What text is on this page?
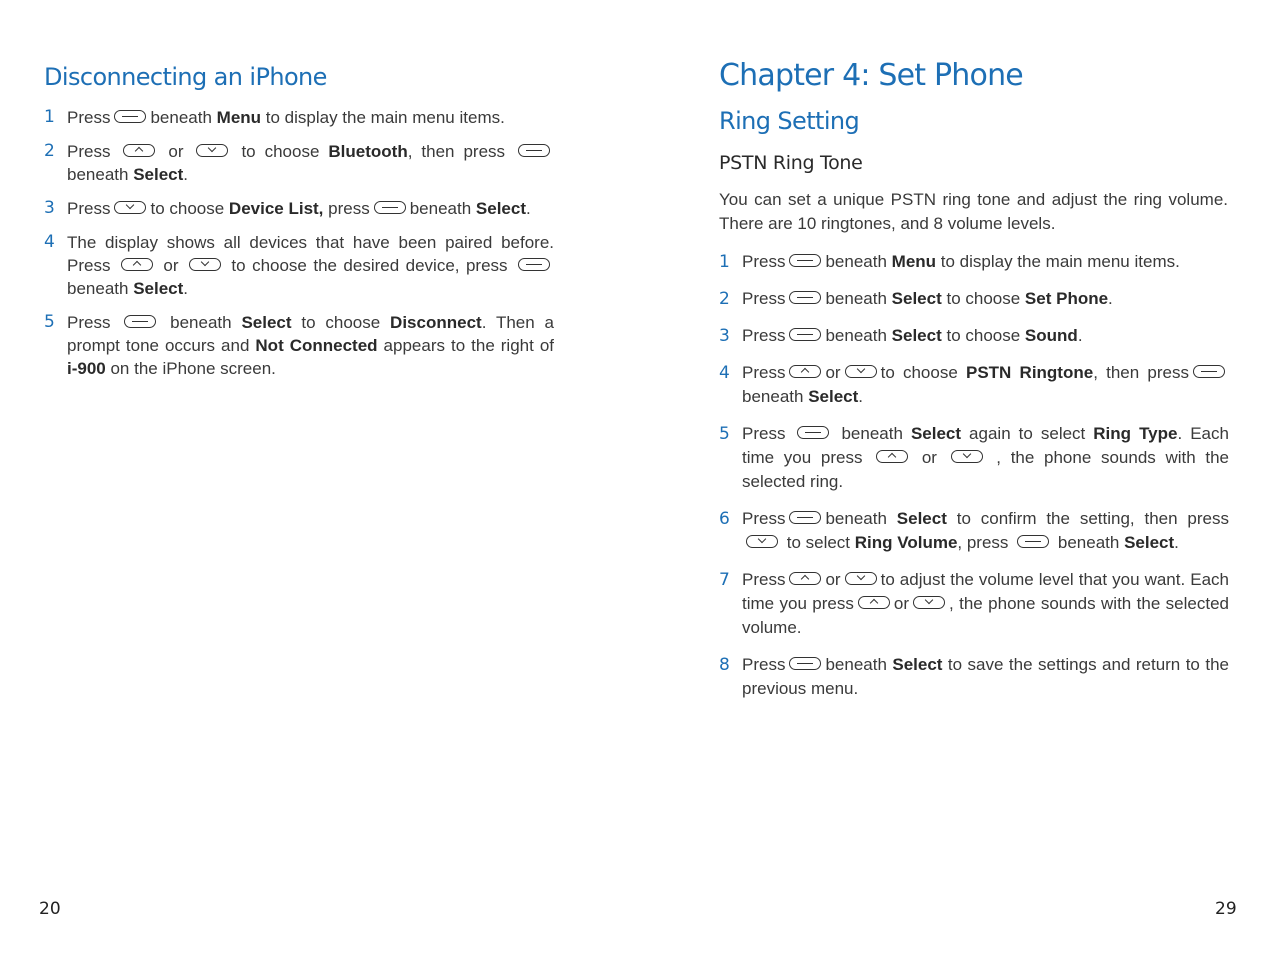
Disconnecting an iPhone
1 Press beneath Menu to display the main menu items.
2 Press  or  to choose Bluetooth, then press  beneath Select.
3 Press to choose Device List, press beneath Select.
4 The display shows all devices that have been paired before. Press  or  to choose the desired device, press  beneath Select.
5 Press  beneath Select to choose Disconnect. Then a prompt tone occurs and Not Connected appears to the right of i-900 on the iPhone screen.
20
Chapter 4: Set Phone
Ring Setting
PSTN Ring Tone

You can set a unique PSTN ring tone and adjust the ring volume. There are 10 ringtones, and 8 volume levels.

1 Press beneath Menu to display the main menu items.
2 Press beneath Select to choose Set Phone.
3 Press beneath Select to choose Sound.
4 Press or to choose PSTN Ringtone, then press beneath Select.
5 Press  beneath Select again to select Ring Type. Each time you press  or  , the phone sounds with the selected ring.
6 Press beneath Select to confirm the setting, then press  to select Ring Volume, press  beneath Select.
7 Press or to adjust the volume level that you want. Each time you press or , the phone sounds with the selected volume.
8 Press beneath Select to save the settings and return to the previous menu.
29
